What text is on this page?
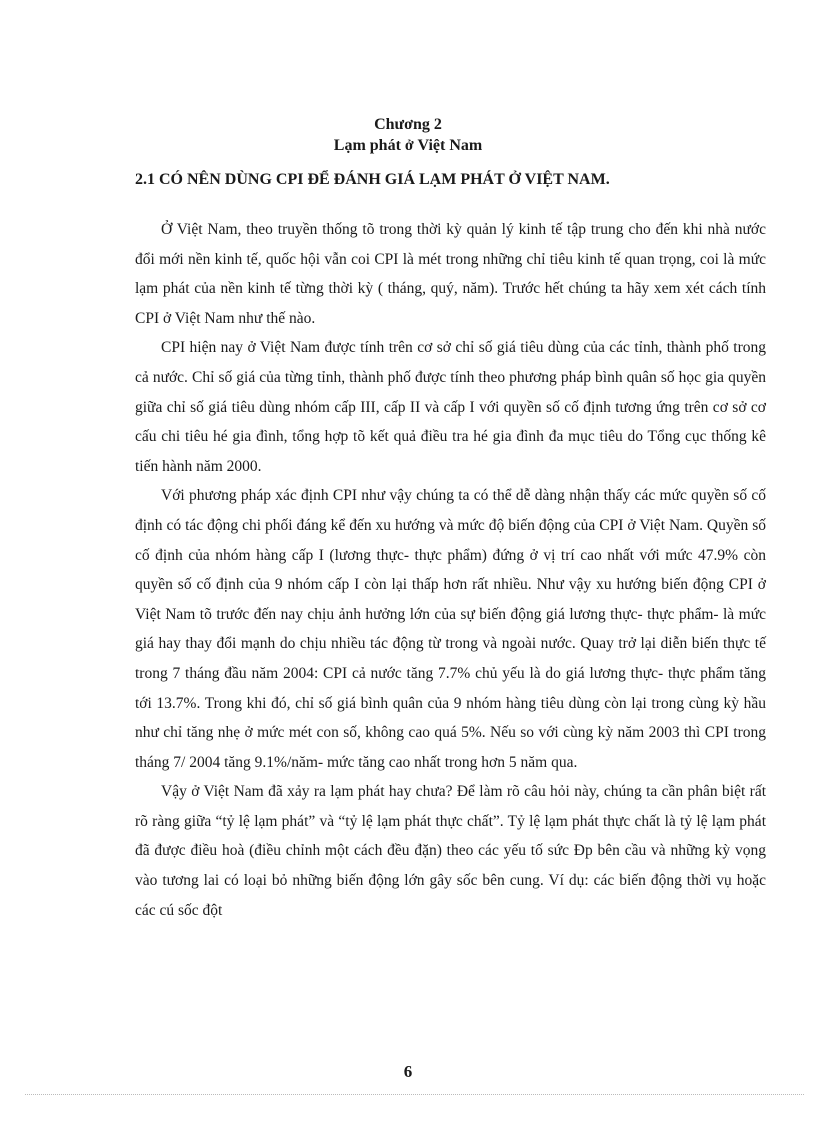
Chương 2
Lạm phát ở Việt Nam
2.1 CÓ NÊN DÙNG CPI ĐỂ ĐÁNH GIÁ LẠM PHÁT Ở VIỆT NAM.

Ở Việt Nam, theo truyền thống tõ trong thời kỳ quản lý kinh tế tập trung cho đến khi nhà nước đổi mới nền kinh tế, quốc hội vẫn coi CPI là mét trong những chỉ tiêu kinh tế quan trọng, coi là mức lạm phát của nền kinh tế từng thời kỳ ( tháng, quý, năm). Trước hết chúng ta hãy xem xét cách tính CPI ở Việt Nam như thế nào.

CPI hiện nay ở Việt Nam được tính trên cơ sở chỉ số giá tiêu dùng của các tỉnh, thành phố trong cả nước. Chỉ số giá của từng tỉnh, thành phố được tính theo phương pháp bình quân số học gia quyền giữa chỉ số giá tiêu dùng nhóm cấp III, cấp II và cấp I với quyền số cố định tương ứng trên cơ sở cơ cấu chi tiêu hé gia đình, tổng hợp tõ kết quả điều tra hé gia đình đa mục tiêu do Tổng cục thống kê tiến hành năm 2000.

Với phương pháp xác định CPI như vậy chúng ta có thể dễ dàng nhận thấy các mức quyền số cố định có tác động chi phối đáng kể đến xu hướng và mức độ biến động của CPI ở Việt Nam. Quyền số cố định của nhóm hàng cấp I (lương thực- thực phẩm) đứng ở vị trí cao nhất với mức 47.9% còn quyền số cố định của 9 nhóm cấp I còn lại thấp hơn rất nhiều. Như vậy xu hướng biến động CPI ở Việt Nam tõ trước đến nay chịu ảnh hưởng lớn của sự biến động giá lương thực- thực phẩm- là mức giá hay thay đổi mạnh do chịu nhiều tác động từ trong và ngoài nước. Quay trở lại diễn biến thực tế trong 7 tháng đầu năm 2004: CPI cả nước tăng 7.7% chủ yếu là do giá lương thực- thực phẩm tăng tới 13.7%. Trong khi đó, chỉ số giá bình quân của 9 nhóm hàng tiêu dùng còn lại trong cùng kỳ hầu như chỉ tăng nhẹ ở mức mét con số, không cao quá 5%. Nếu so với cùng kỳ năm 2003 thì CPI trong tháng 7/ 2004 tăng 9.1%/năm- mức tăng cao nhất trong hơn 5 năm qua.

Vậy ở Việt Nam đã xảy ra lạm phát hay chưa? Để làm rõ câu hỏi này, chúng ta cần phân biệt rất rõ ràng giữa “tỷ lệ lạm phát” và “tỷ lệ lạm phát thực chất”. Tỷ lệ lạm phát thực chất là tỷ lệ lạm phát đã được điều hoà (điều chỉnh một cách đều đặn) theo các yếu tố sức Ðp bên cầu và những kỳ vọng vào tương lai có loại bỏ những biến động lớn gây sốc bên cung. Ví dụ: các biến động thời vụ hoặc các cú sốc đột

6
